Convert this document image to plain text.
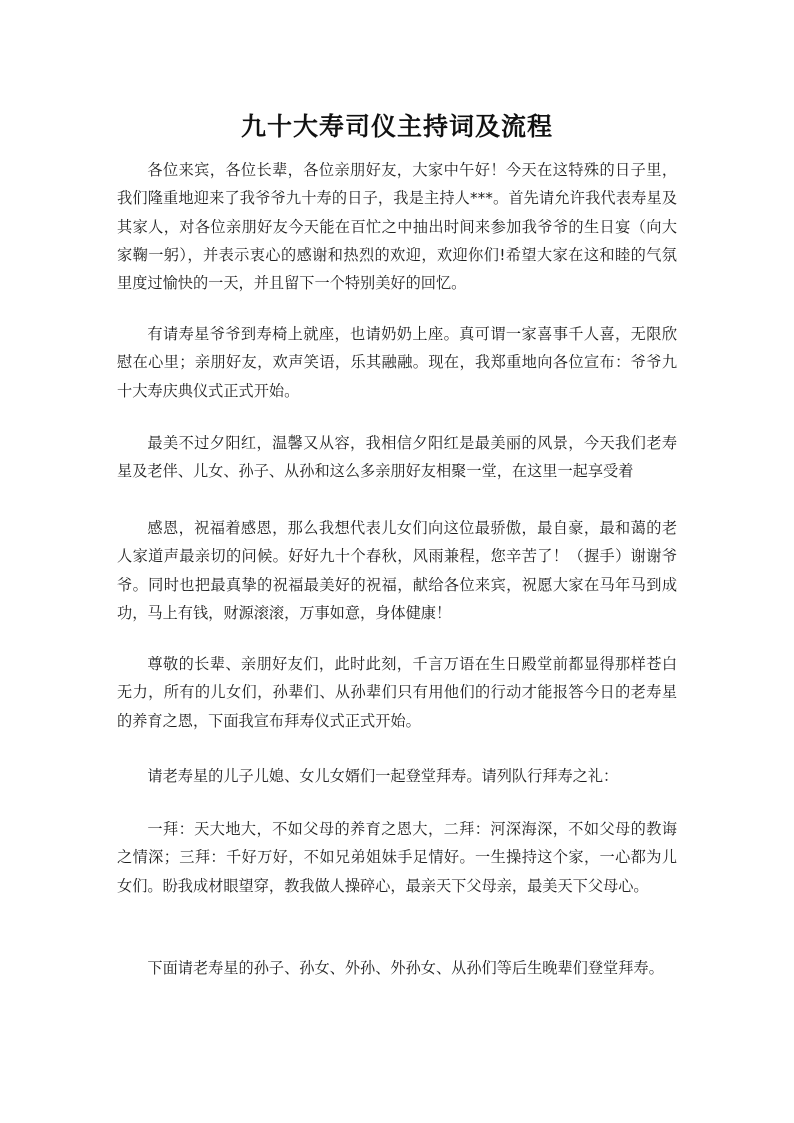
九十大寿司仪主持词及流程

各位来宾，各位长辈，各位亲朋好友，大家中午好！今天在这特殊的日子里，我们隆重地迎来了我爷爷九十寿的日子，我是主持人***。首先请允许我代表寿星及其家人，对各位亲朋好友今天能在百忙之中抽出时间来参加我爷爷的生日宴（向大家鞠一躬），并表示衷心的感谢和热烈的欢迎，欢迎你们!希望大家在这和睦的气氛里度过愉快的一天，并且留下一个特别美好的回忆。

有请寿星爷爷到寿椅上就座，也请奶奶上座。真可谓一家喜事千人喜，无限欣慰在心里；亲朋好友，欢声笑语，乐其融融。现在，我郑重地向各位宣布：爷爷九十大寿庆典仪式正式开始。

最美不过夕阳红，温馨又从容，我相信夕阳红是最美丽的风景，今天我们老寿星及老伴、儿女、孙子、从孙和这么多亲朋好友相聚一堂，在这里一起享受着

感恩，祝福着感恩，那么我想代表儿女们向这位最骄傲，最自豪，最和蔼的老人家道声最亲切的问候。好好九十个春秋，风雨兼程，您辛苦了！（握手）谢谢爷爷。同时也把最真挚的祝福最美好的祝福，献给各位来宾，祝愿大家在马年马到成功，马上有钱，财源滚滚，万事如意，身体健康！

尊敬的长辈、亲朋好友们，此时此刻，千言万语在生日殿堂前都显得那样苍白无力，所有的儿女们，孙辈们、从孙辈们只有用他们的行动才能报答今日的老寿星的养育之恩，下面我宣布拜寿仪式正式开始。

请老寿星的儿子儿媳、女儿女婿们一起登堂拜寿。请列队行拜寿之礼：

一拜：天大地大，不如父母的养育之恩大，二拜：河深海深，不如父母的教诲之情深；三拜：千好万好，不如兄弟姐妹手足情好。一生操持这个家，一心都为儿女们。盼我成材眼望穿，教我做人操碎心，最亲天下父母亲，最美天下父母心。

下面请老寿星的孙子、孙女、外孙、外孙女、从孙们等后生晚辈们登堂拜寿。
